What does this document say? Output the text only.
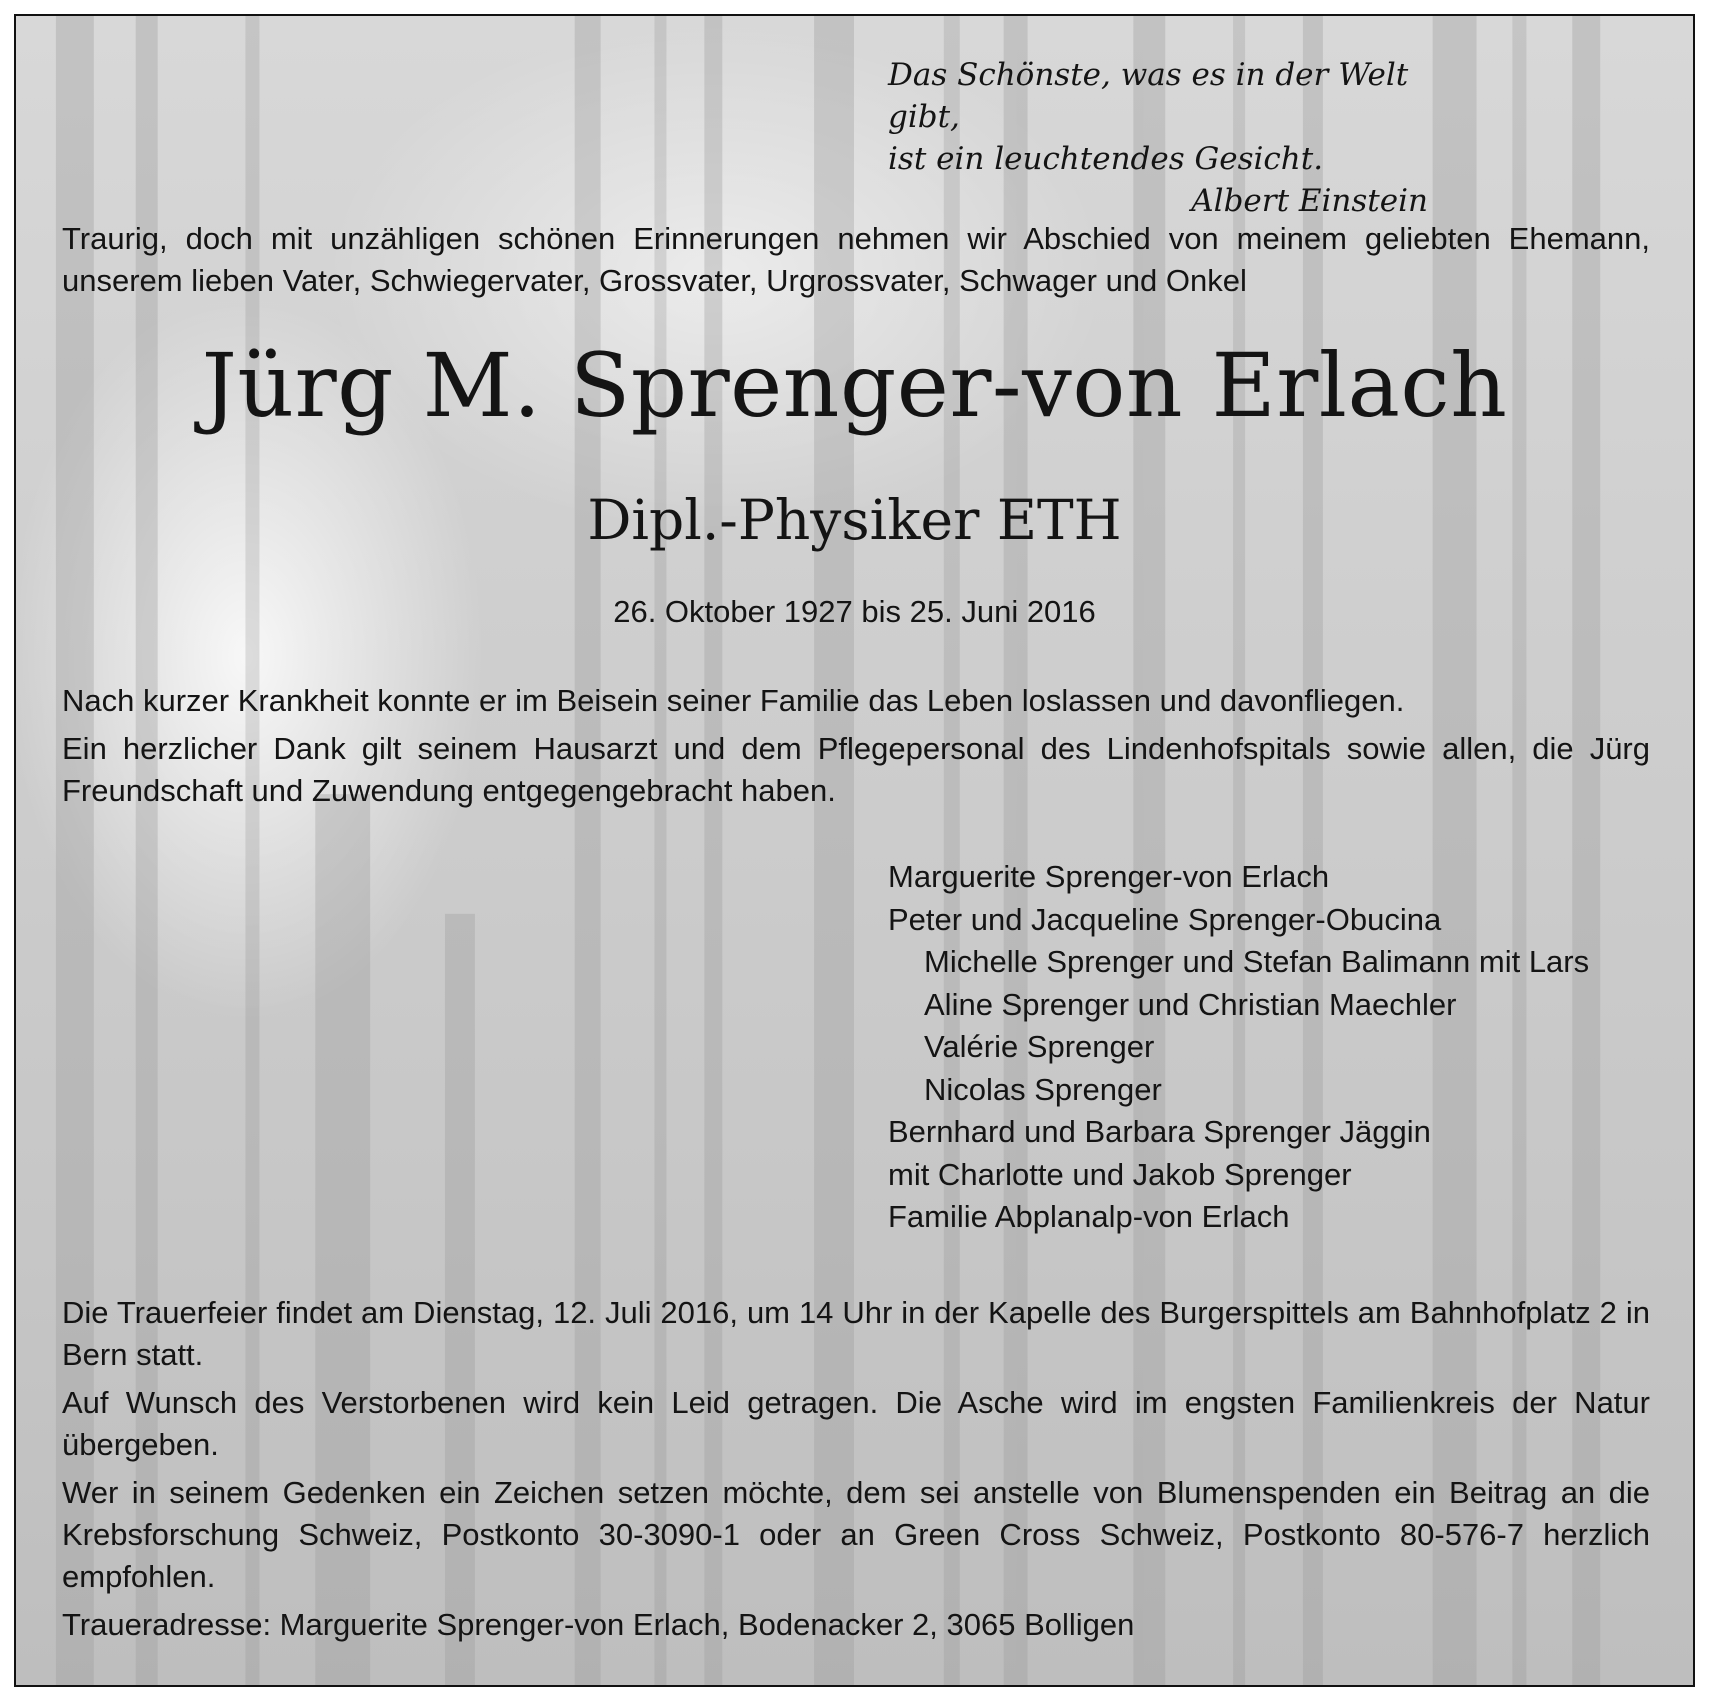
Das Schönste, was es in der Welt gibt,
ist ein leuchtendes Gesicht.
Albert Einstein

Traurig, doch mit unzähligen schönen Erinnerungen nehmen wir Abschied von meinem geliebten Ehemann, unserem lieben Vater, Schwiegervater, Grossvater, Urgrossvater, Schwager und Onkel

Jürg M. Sprenger-von Erlach
Dipl.-Physiker ETH
26. Oktober 1927 bis 25. Juni 2016

Nach kurzer Krankheit konnte er im Beisein seiner Familie das Leben loslassen und davonfliegen.

Ein herzlicher Dank gilt seinem Hausarzt und dem Pflegepersonal des Lindenhofspitals sowie allen, die Jürg Freundschaft und Zuwendung entgegengebracht haben.

Marguerite Sprenger-von Erlach
Peter und Jacqueline Sprenger-Obucina
Michelle Sprenger und Stefan Balimann mit Lars
Aline Sprenger und Christian Maechler
Valérie Sprenger
Nicolas Sprenger
Bernhard und Barbara Sprenger Jäggin
mit Charlotte und Jakob Sprenger
Familie Abplanalp-von Erlach

Die Trauerfeier findet am Dienstag, 12. Juli 2016, um 14 Uhr in der Kapelle des Burgerspittels am Bahnhofplatz 2 in Bern statt.

Auf Wunsch des Verstorbenen wird kein Leid getragen. Die Asche wird im engsten Familienkreis der Natur übergeben.

Wer in seinem Gedenken ein Zeichen setzen möchte, dem sei anstelle von Blumenspenden ein Beitrag an die Krebsforschung Schweiz, Postkonto 30-3090-1 oder an Green Cross Schweiz, Postkonto 80-576-7 herzlich empfohlen.

Traueradresse: Marguerite Sprenger-von Erlach, Bodenacker 2, 3065 Bolligen
